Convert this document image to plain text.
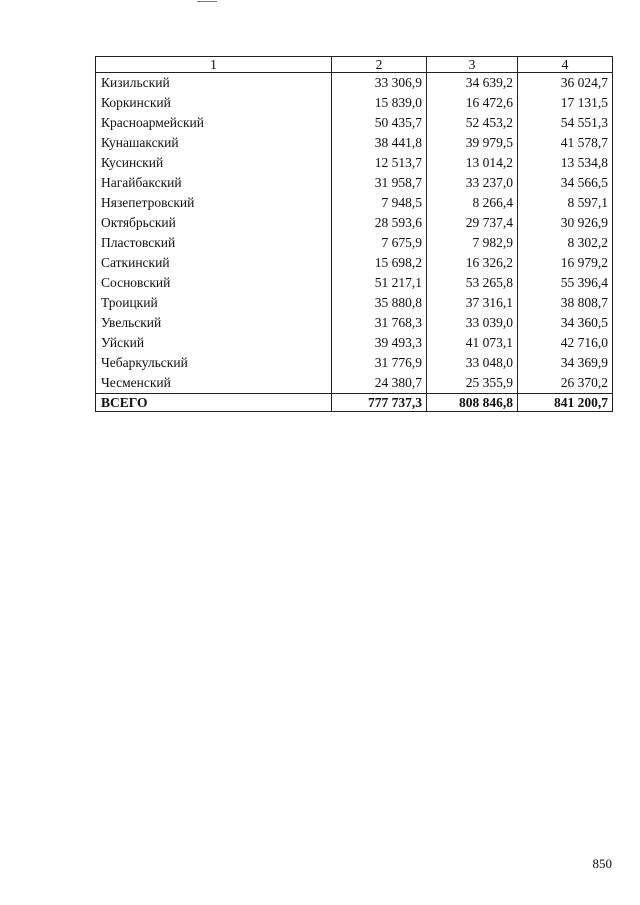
1	2	3	4
Кизильский	33 306,9	34 639,2	36 024,7
Коркинский	15 839,0	16 472,6	17 131,5
Красноармейский	50 435,7	52 453,2	54 551,3
Кунашакский	38 441,8	39 979,5	41 578,7
Кусинский	12 513,7	13 014,2	13 534,8
Нагайбакский	31 958,7	33 237,0	34 566,5
Нязепетровский	7 948,5	8 266,4	8 597,1
Октябрьский	28 593,6	29 737,4	30 926,9
Пластовский	7 675,9	7 982,9	8 302,2
Саткинский	15 698,2	16 326,2	16 979,2
Сосновский	51 217,1	53 265,8	55 396,4
Троицкий	35 880,8	37 316,1	38 808,7
Увельский	31 768,3	33 039,0	34 360,5
Уйский	39 493,3	41 073,1	42 716,0
Чебаркульский	31 776,9	33 048,0	34 369,9
Чесменский	24 380,7	25 355,9	26 370,2
ВСЕГО	777 737,3	808 846,8	841 200,7
850
